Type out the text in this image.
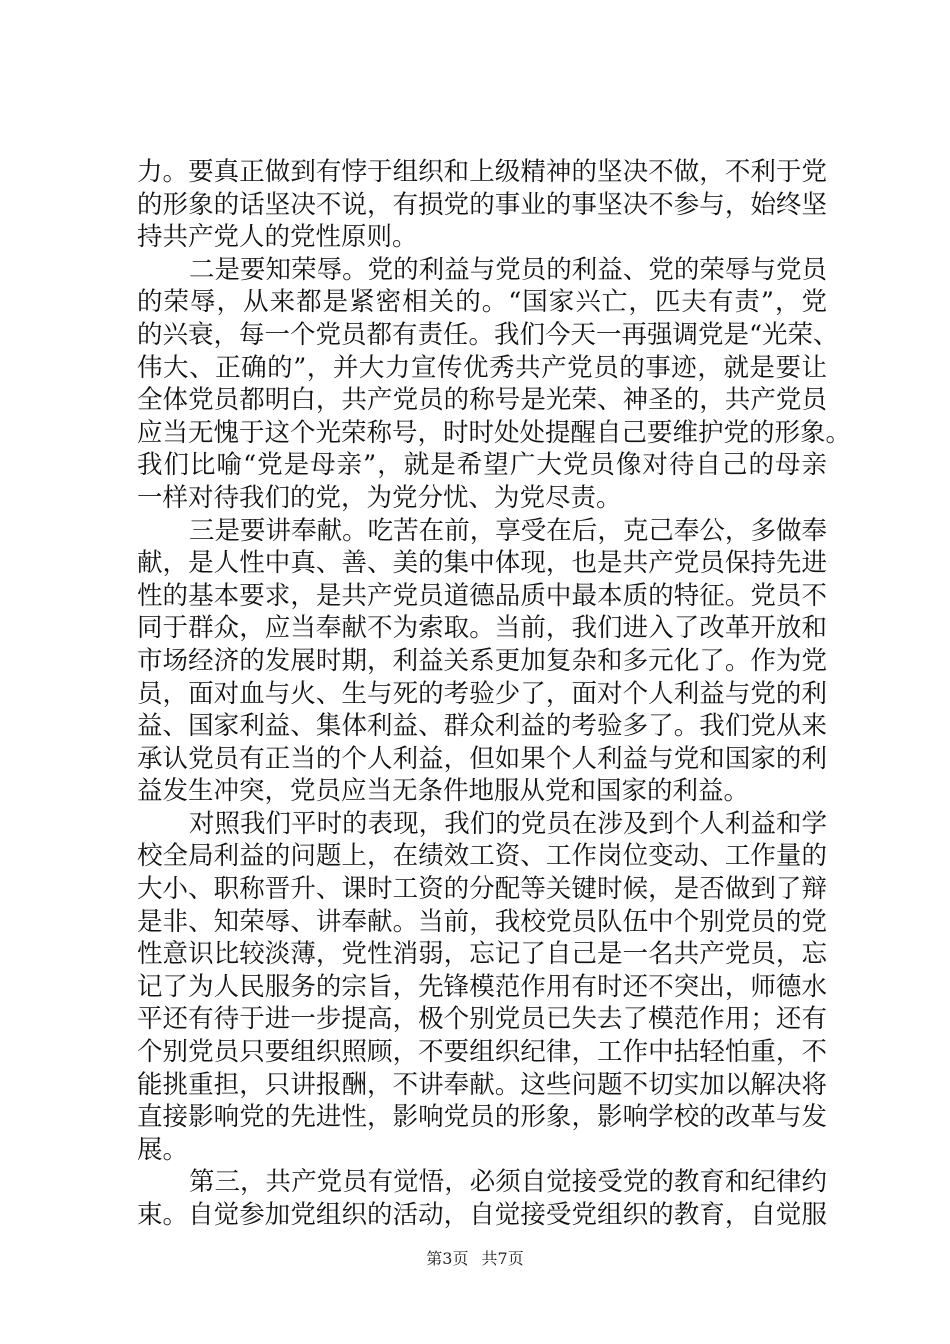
力。要真正做到有悖于组织和上级精神的坚决不做，不利于党
的形象的话坚决不说，有损党的事业的事坚决不参与，始终坚
持共产党人的党性原则。
二是要知荣辱。党的利益与党员的利益、党的荣辱与党员
的荣辱，从来都是紧密相关的。“国家兴亡，匹夫有责”，党
的兴衰，每一个党员都有责任。我们今天一再强调党是“光荣、
伟大、正确的”，并大力宣传优秀共产党员的事迹，就是要让
全体党员都明白，共产党员的称号是光荣、神圣的，共产党员
应当无愧于这个光荣称号，时时处处提醒自己要维护党的形象。
我们比喻“党是母亲”，就是希望广大党员像对待自己的母亲
一样对待我们的党，为党分忧、为党尽责。
三是要讲奉献。吃苦在前，享受在后，克己奉公，多做奉
献，是人性中真、善、美的集中体现，也是共产党员保持先进
性的基本要求，是共产党员道德品质中最本质的特征。党员不
同于群众，应当奉献不为索取。当前，我们进入了改革开放和
市场经济的发展时期，利益关系更加复杂和多元化了。作为党
员，面对血与火、生与死的考验少了，面对个人利益与党的利
益、国家利益、集体利益、群众利益的考验多了。我们党从来
承认党员有正当的个人利益，但如果个人利益与党和国家的利
益发生冲突，党员应当无条件地服从党和国家的利益。
对照我们平时的表现，我们的党员在涉及到个人利益和学
校全局利益的问题上，在绩效工资、工作岗位变动、工作量的
大小、职称晋升、课时工资的分配等关键时候，是否做到了辩
是非、知荣辱、讲奉献。当前，我校党员队伍中个别党员的党
性意识比较淡薄，党性消弱，忘记了自己是一名共产党员，忘
记了为人民服务的宗旨，先锋模范作用有时还不突出，师德水
平还有待于进一步提高，极个别党员已失去了模范作用；还有
个别党员只要组织照顾，不要组织纪律，工作中拈轻怕重，不
能挑重担，只讲报酬，不讲奉献。这些问题不切实加以解决将
直接影响党的先进性，影响党员的形象，影响学校的改革与发
展。
第三，共产党员有觉悟，必须自觉接受党的教育和纪律约
束。自觉参加党组织的活动，自觉接受党组织的教育，自觉服
第3页 共7页
